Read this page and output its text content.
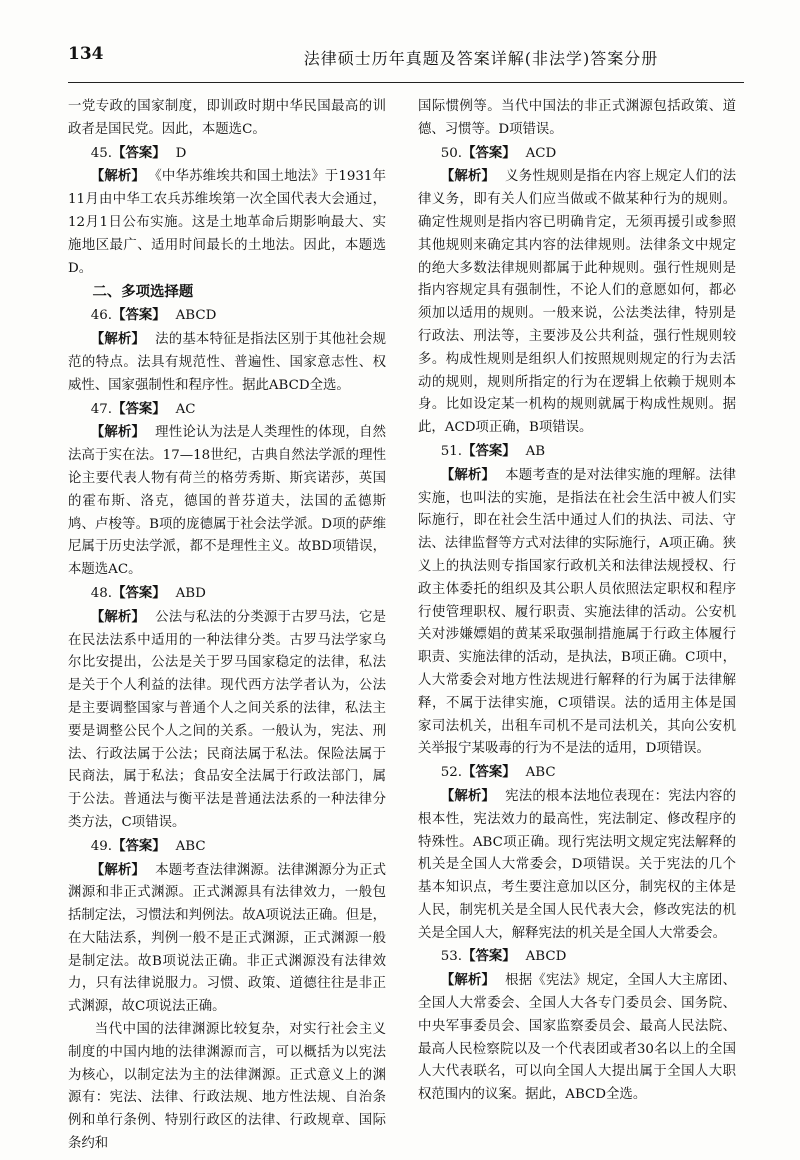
134	法律硕士历年真题及答案详解(非法学)答案分册

一党专政的国家制度，即训政时期中华民国最高的训政者是国民党。因此，本题选C。

45.【答案】 D

【解析】 《中华苏维埃共和国土地法》于1931年11月由中华工农兵苏维埃第一次全国代表大会通过，12月1日公布实施。这是土地革命后期影响最大、实施地区最广、适用时间最长的土地法。因此，本题选D。

二、多项选择题

46.【答案】 ABCD

【解析】 法的基本特征是指法区别于其他社会规范的特点。法具有规范性、普遍性、国家意志性、权威性、国家强制性和程序性。据此ABCD全选。

47.【答案】 AC

【解析】 理性论认为法是人类理性的体现，自然法高于实在法。17—18世纪，古典自然法学派的理性论主要代表人物有荷兰的格劳秀斯、斯宾诺莎，英国的霍布斯、洛克，德国的普芬道夫，法国的孟德斯鸠、卢梭等。B项的庞德属于社会法学派。D项的萨维尼属于历史法学派，都不是理性主义。故BD项错误，本题选AC。

48.【答案】 ABD

【解析】 公法与私法的分类源于古罗马法，它是在民法法系中适用的一种法律分类。古罗马法学家乌尔比安提出，公法是关于罗马国家稳定的法律，私法是关于个人利益的法律。现代西方法学者认为，公法是主要调整国家与普通个人之间关系的法律，私法主要是调整公民个人之间的关系。一般认为，宪法、刑法、行政法属于公法；民商法属于私法。保险法属于民商法，属于私法；食品安全法属于行政法部门，属于公法。普通法与衡平法是普通法法系的一种法律分类方法，C项错误。

49.【答案】 ABC

【解析】 本题考查法律渊源。法律渊源分为正式渊源和非正式渊源。正式渊源具有法律效力，一般包括制定法，习惯法和判例法。故A项说法正确。但是，在大陆法系，判例一般不是正式渊源，正式渊源一般是制定法。故B项说法正确。非正式渊源没有法律效力，只有法律说服力。习惯、政策、道德往往是非正式渊源，故C项说法正确。

当代中国的法律渊源比较复杂，对实行社会主义制度的中国内地的法律渊源而言，可以概括为以宪法为核心，以制定法为主的法律渊源。正式意义上的渊源有：宪法、法律、行政法规、地方性法规、自治条例和单行条例、特别行政区的法律、行政规章、国际条约和

国际惯例等。当代中国法的非正式渊源包括政策、道德、习惯等。D项错误。

50.【答案】 ACD

【解析】 义务性规则是指在内容上规定人们的法律义务，即有关人们应当做或不做某种行为的规则。确定性规则是指内容已明确肯定，无须再援引或参照其他规则来确定其内容的法律规则。法律条文中规定的绝大多数法律规则都属于此种规则。强行性规则是指内容规定具有强制性，不论人们的意愿如何，都必须加以适用的规则。一般来说，公法类法律，特别是行政法、刑法等，主要涉及公共利益，强行性规则较多。构成性规则是组织人们按照规则规定的行为去活动的规则，规则所指定的行为在逻辑上依赖于规则本身。比如设定某一机构的规则就属于构成性规则。据此，ACD项正确，B项错误。

51.【答案】 AB

【解析】 本题考查的是对法律实施的理解。法律实施，也叫法的实施，是指法在社会生活中被人们实际施行，即在社会生活中通过人们的执法、司法、守法、法律监督等方式对法律的实际施行，A项正确。狭义上的执法则专指国家行政机关和法律法规授权、行政主体委托的组织及其公职人员依照法定职权和程序行使管理职权、履行职责、实施法律的活动。公安机关对涉嫌嫖娼的黄某采取强制措施属于行政主体履行职责、实施法律的活动，是执法，B项正确。C项中，人大常委会对地方性法规进行解释的行为属于法律解释，不属于法律实施，C项错误。法的适用主体是国家司法机关，出租车司机不是司法机关，其向公安机关举报宁某吸毒的行为不是法的适用，D项错误。

52.【答案】 ABC

【解析】 宪法的根本法地位表现在：宪法内容的根本性，宪法效力的最高性，宪法制定、修改程序的特殊性。ABC项正确。现行宪法明文规定宪法解释的机关是全国人大常委会，D项错误。关于宪法的几个基本知识点，考生要注意加以区分，制宪权的主体是人民，制宪机关是全国人民代表大会，修改宪法的机关是全国人大，解释宪法的机关是全国人大常委会。

53.【答案】 ABCD

【解析】 根据《宪法》规定，全国人大主席团、全国人大常委会、全国人大各专门委员会、国务院、中央军事委员会、国家监察委员会、最高人民法院、最高人民检察院以及一个代表团或者30名以上的全国人大代表联名，可以向全国人大提出属于全国人大职权范围内的议案。据此，ABCD全选。
